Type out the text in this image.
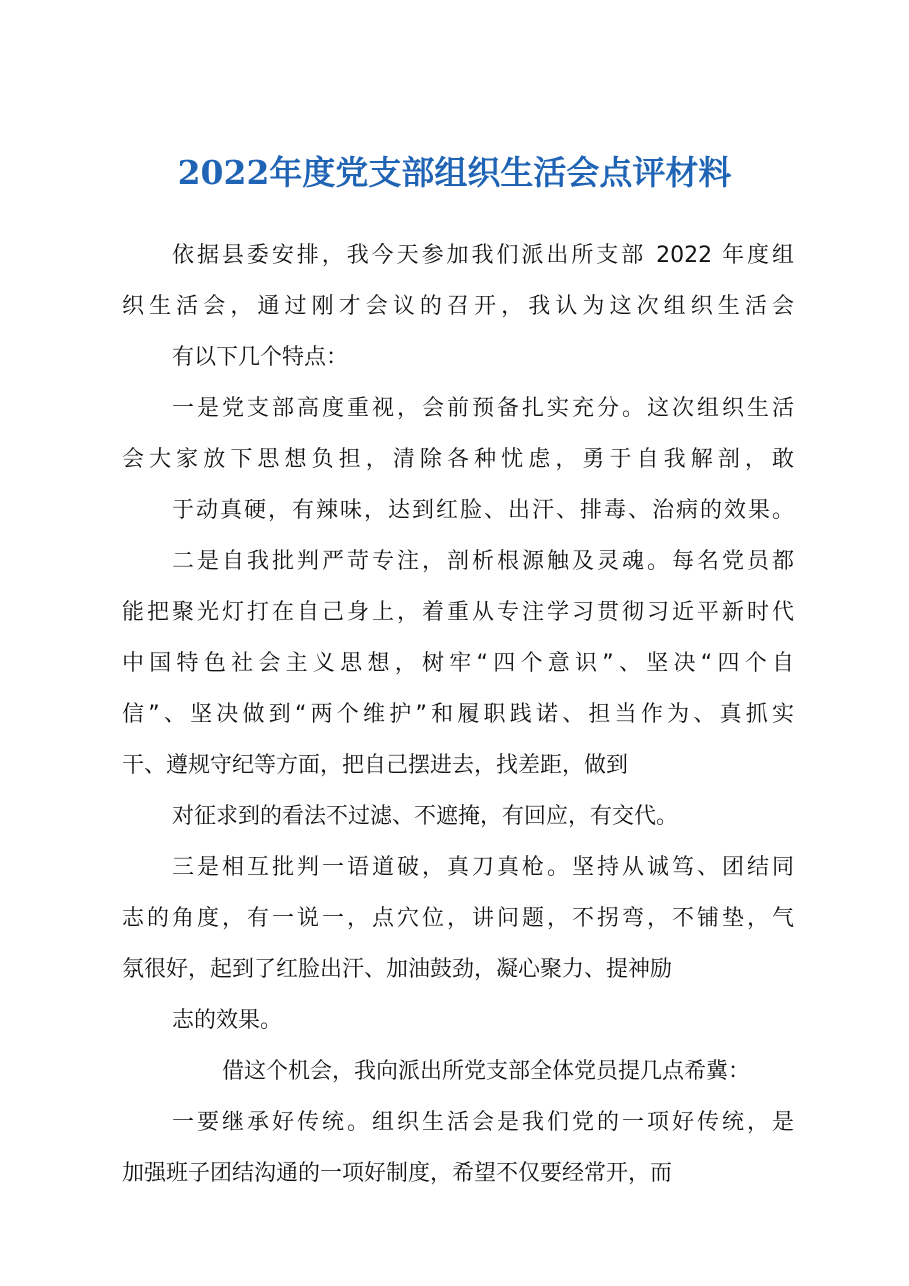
2022年度党支部组织生活会点评材料
依据县委安排，我今天参加我们派出所支部 2022 年度组
织生活会，通过刚才会议的召开，我认为这次组织生活会
有以下几个特点：
一是党支部高度重视，会前预备扎实充分。这次组织生活
会大家放下思想负担，清除各种忧虑，勇于自我解剖，敢
于动真硬，有辣味，达到红脸、出汗、排毒、治病的效果。
二是自我批判严苛专注，剖析根源触及灵魂。每名党员都
能把聚光灯打在自己身上，着重从专注学习贯彻习近平新时代
中国特色社会主义思想，树牢“四个意识”、坚决“四个自
信”、坚决做到“两个维护”和履职践诺、担当作为、真抓实
干、遵规守纪等方面，把自己摆进去，找差距，做到
对征求到的看法不过滤、不遮掩，有回应，有交代。
三是相互批判一语道破，真刀真枪。坚持从诚笃、团结同
志的角度，有一说一，点穴位，讲问题，不拐弯，不铺垫，气
氛很好，起到了红脸出汗、加油鼓劲，凝心聚力、提神励
志的效果。
借这个机会，我向派出所党支部全体党员提几点希冀：
一要继承好传统。组织生活会是我们党的一项好传统，是
加强班子团结沟通的一项好制度，希望不仅要经常开，而
